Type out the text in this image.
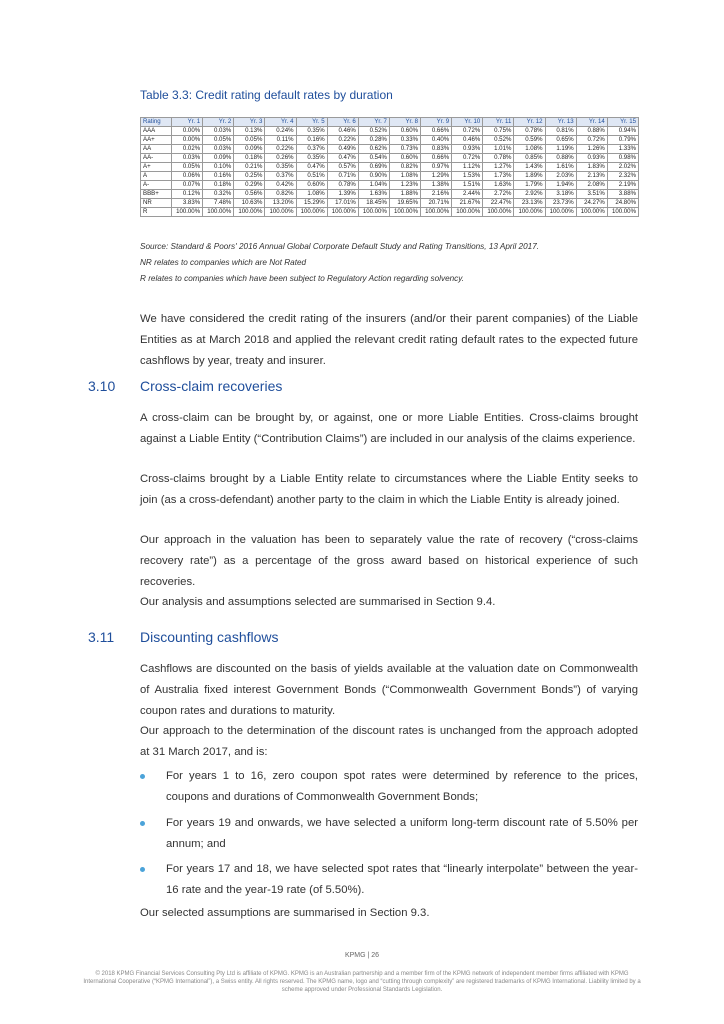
Table 3.3: Credit rating default rates by duration
Rating	Yr. 1	Yr. 2	Yr. 3	Yr. 4	Yr. 5	Yr. 6	Yr. 7	Yr. 8	Yr. 9	Yr. 10	Yr. 11	Yr. 12	Yr. 13	Yr. 14	Yr. 15
AAA	0.00%	0.03%	0.13%	0.24%	0.35%	0.46%	0.52%	0.60%	0.66%	0.72%	0.75%	0.78%	0.81%	0.88%	0.94%
AA+	0.00%	0.05%	0.05%	0.11%	0.16%	0.22%	0.28%	0.33%	0.40%	0.46%	0.52%	0.59%	0.65%	0.72%	0.79%
AA	0.02%	0.03%	0.09%	0.22%	0.37%	0.49%	0.62%	0.73%	0.83%	0.93%	1.01%	1.08%	1.19%	1.26%	1.33%
AA-	0.03%	0.09%	0.18%	0.26%	0.35%	0.47%	0.54%	0.60%	0.66%	0.72%	0.78%	0.85%	0.88%	0.93%	0.98%
A+	0.05%	0.10%	0.21%	0.35%	0.47%	0.57%	0.69%	0.82%	0.97%	1.12%	1.27%	1.43%	1.61%	1.83%	2.02%
A	0.06%	0.16%	0.25%	0.37%	0.51%	0.71%	0.90%	1.08%	1.29%	1.53%	1.73%	1.89%	2.03%	2.13%	2.32%
A-	0.07%	0.18%	0.29%	0.42%	0.60%	0.78%	1.04%	1.23%	1.38%	1.51%	1.63%	1.79%	1.94%	2.08%	2.19%
BBB+	0.12%	0.32%	0.56%	0.82%	1.08%	1.39%	1.63%	1.88%	2.16%	2.44%	2.72%	2.92%	3.18%	3.51%	3.88%
NR	3.83%	7.48%	10.63%	13.20%	15.29%	17.01%	18.45%	19.65%	20.71%	21.67%	22.47%	23.13%	23.73%	24.27%	24.80%
R	100.00%	100.00%	100.00%	100.00%	100.00%	100.00%	100.00%	100.00%	100.00%	100.00%	100.00%	100.00%	100.00%	100.00%	100.00%
Source: Standard & Poors' 2016 Annual Global Corporate Default Study and Rating Transitions, 13 April 2017.
NR relates to companies which are Not Rated
R relates to companies which have been subject to Regulatory Action regarding solvency.
We have considered the credit rating of the insurers (and/or their parent companies) of the Liable Entities as at March 2018 and applied the relevant credit rating default rates to the expected future cashflows by year, treaty and insurer.
3.10 Cross-claim recoveries
A cross-claim can be brought by, or against, one or more Liable Entities. Cross-claims brought against a Liable Entity (“Contribution Claims”) are included in our analysis of the claims experience.
Cross-claims brought by a Liable Entity relate to circumstances where the Liable Entity seeks to join (as a cross-defendant) another party to the claim in which the Liable Entity is already joined.
Our approach in the valuation has been to separately value the rate of recovery (“cross-claims recovery rate”) as a percentage of the gross award based on historical experience of such recoveries.
Our analysis and assumptions selected are summarised in Section 9.4.
3.11 Discounting cashflows
Cashflows are discounted on the basis of yields available at the valuation date on Commonwealth of Australia fixed interest Government Bonds (“Commonwealth Government Bonds”) of varying coupon rates and durations to maturity.
Our approach to the determination of the discount rates is unchanged from the approach adopted at 31 March 2017, and is:
For years 1 to 16, zero coupon spot rates were determined by reference to the prices, coupons and durations of Commonwealth Government Bonds;
For years 19 and onwards, we have selected a uniform long-term discount rate of 5.50% per annum; and
For years 17 and 18, we have selected spot rates that “linearly interpolate” between the year-16 rate and the year-19 rate (of 5.50%).
Our selected assumptions are summarised in Section 9.3.
KPMG | 26
© 2018 KPMG Financial Services Consulting Pty Ltd is affiliate of KPMG. KPMG is an Australian partnership and a member firm of the KPMG network of independent member firms affiliated with KPMG International Cooperative (“KPMG International”), a Swiss entity. All rights reserved. The KPMG name, logo and “cutting through complexity” are registered trademarks of KPMG International. Liability limited by a scheme approved under Professional Standards Legislation.
